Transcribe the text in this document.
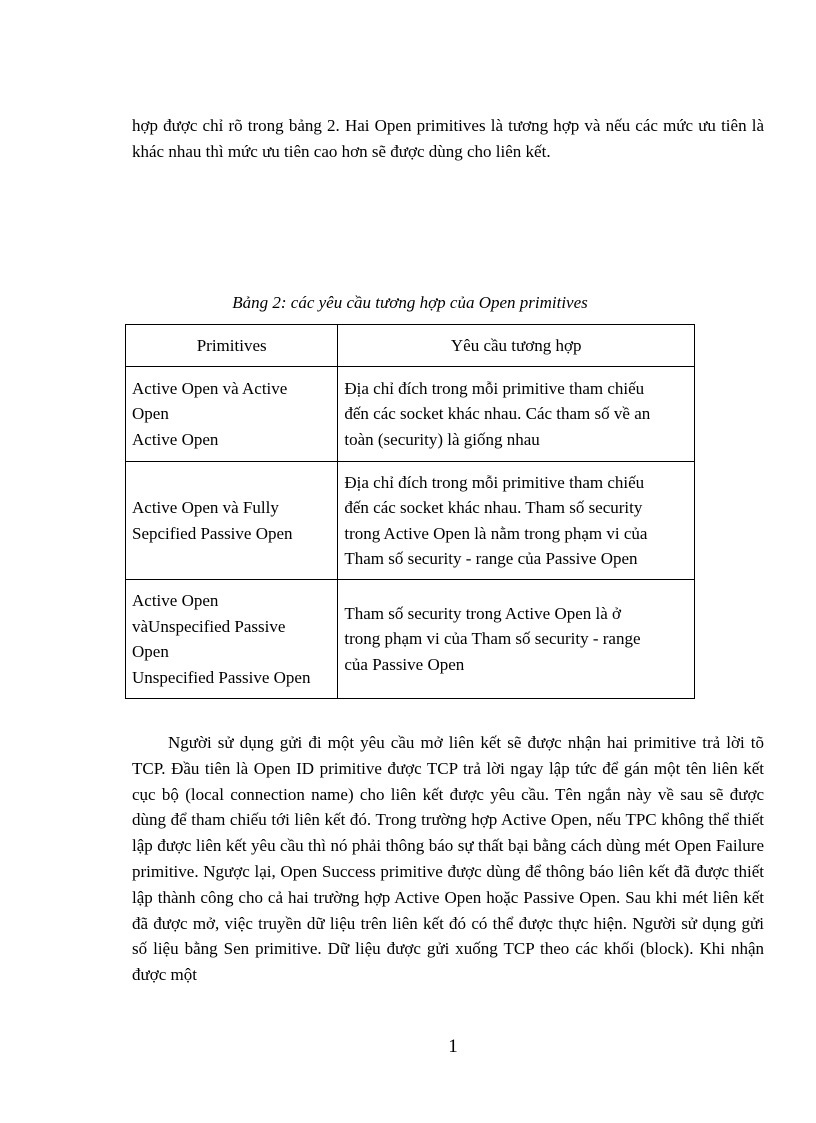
hợp được chỉ rõ trong bảng 2. Hai Open primitives là tương hợp và nếu các mức ưu tiên là khác nhau thì mức ưu tiên cao hơn sẽ được dùng cho liên kết.

Bảng 2: các yêu cầu tương hợp của Open primitives
Primitives	Yêu cầu tương hợp

Active Open và Active
Open
Active Open	Địa chỉ đích trong mỗi primitive tham chiếu
đến các socket khác nhau. Các tham số về an
toàn (security) là giống nhau

Active Open và Fully
Sepcified Passive Open	Địa chỉ đích trong mỗi primitive tham chiếu
đến các socket khác nhau. Tham số security
trong Active Open là nằm trong phạm vi của
Tham số security - range của Passive Open

Active Open
vàUnspecified Passive
Open
Unspecified Passive Open	Tham số security trong Active Open là ở
trong phạm vi của Tham số security - range
của Passive Open

Người sử dụng gửi đi một yêu cầu mở liên kết sẽ được nhận hai primitive trả lời tõ TCP. Đầu tiên là Open ID primitive được TCP trả lời ngay lập tức để gán một tên liên kết cục bộ (local connection name) cho liên kết được yêu cầu. Tên ngắn này về sau sẽ được dùng để tham chiếu tới liên kết đó. Trong trường hợp Active Open, nếu TPC không thể thiết lập được liên kết yêu cầu thì nó phải thông báo sự thất bại bằng cách dùng mét Open Failure primitive. Ngược lại, Open Success primitive được dùng để thông báo liên kết đã được thiết lập thành công cho cả hai trường hợp Active Open hoặc Passive Open. Sau khi mét liên kết đã được mở, việc truyền dữ liệu trên liên kết đó có thể được thực hiện. Người sử dụng gửi số liệu bằng Sen primitive. Dữ liệu được gửi xuống TCP theo các khối (block). Khi nhận được một

1
